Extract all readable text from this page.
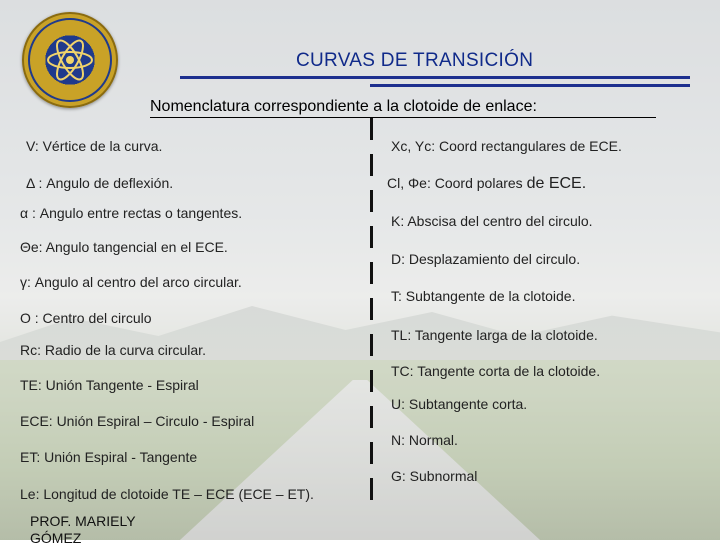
CURVAS DE TRANSICIÓN
Nomenclatura correspondiente a la clotoide de enlace:
V: Vértice de la curva.
Δ : Angulo de deflexión.
α : Angulo entre rectas o tangentes.
Θe: Angulo tangencial en el ECE.
γ: Angulo al centro del arco circular.
O : Centro del circulo
Rc: Radio de la curva circular.
TE: Unión Tangente - Espiral
ECE: Unión Espiral – Circulo - Espiral
ET: Unión Espiral - Tangente
Le: Longitud de clotoide TE – ECE (ECE – ET).
Xc, Yc: Coord rectangulares de ECE.
Cl, Φe: Coord polares de ECE.
K: Abscisa del centro del circulo.
D: Desplazamiento del circulo.
T: Subtangente de la clotoide.
TL: Tangente larga de la clotoide.
TC: Tangente corta de la clotoide.
U: Subtangente corta.
N: Normal.
G: Subnormal
PROF. MARIELY
GÓMEZ
